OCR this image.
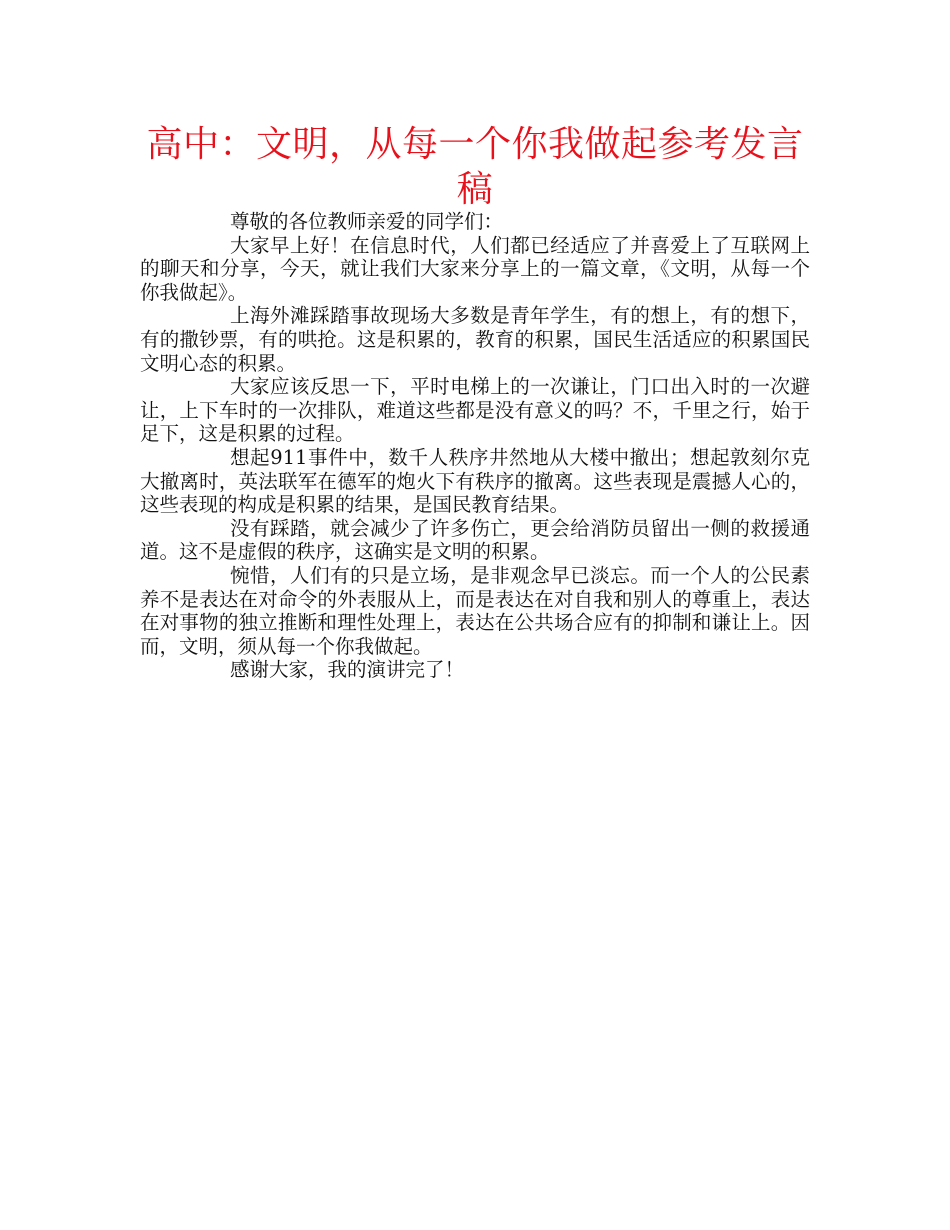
高中：文明，从每一个你我做起参考发言稿

尊敬的各位教师亲爱的同学们：

大家早上好！在信息时代，人们都已经适应了并喜爱上了互联网上的聊天和分享，今天，就让我们大家来分享上的一篇文章，《文明，从每一个你我做起》。

上海外滩踩踏事故现场大多数是青年学生，有的想上，有的想下，有的撒钞票，有的哄抢。这是积累的，教育的积累，国民生活适应的积累国民文明心态的积累。

大家应该反思一下，平时电梯上的一次谦让，门口出入时的一次避让，上下车时的一次排队，难道这些都是没有意义的吗？不，千里之行，始于足下，这是积累的过程。

想起911事件中，数千人秩序井然地从大楼中撤出；想起敦刻尔克大撤离时，英法联军在德军的炮火下有秩序的撤离。这些表现是震撼人心的，这些表现的构成是积累的结果，是国民教育结果。

没有踩踏，就会减少了许多伤亡，更会给消防员留出一侧的救援通道。这不是虚假的秩序，这确实是文明的积累。

惋惜，人们有的只是立场，是非观念早已淡忘。而一个人的公民素养不是表达在对命令的外表服从上，而是表达在对自我和别人的尊重上，表达在对事物的独立推断和理性处理上，表达在公共场合应有的抑制和谦让上。因而，文明，须从每一个你我做起。

感谢大家，我的演讲完了！
